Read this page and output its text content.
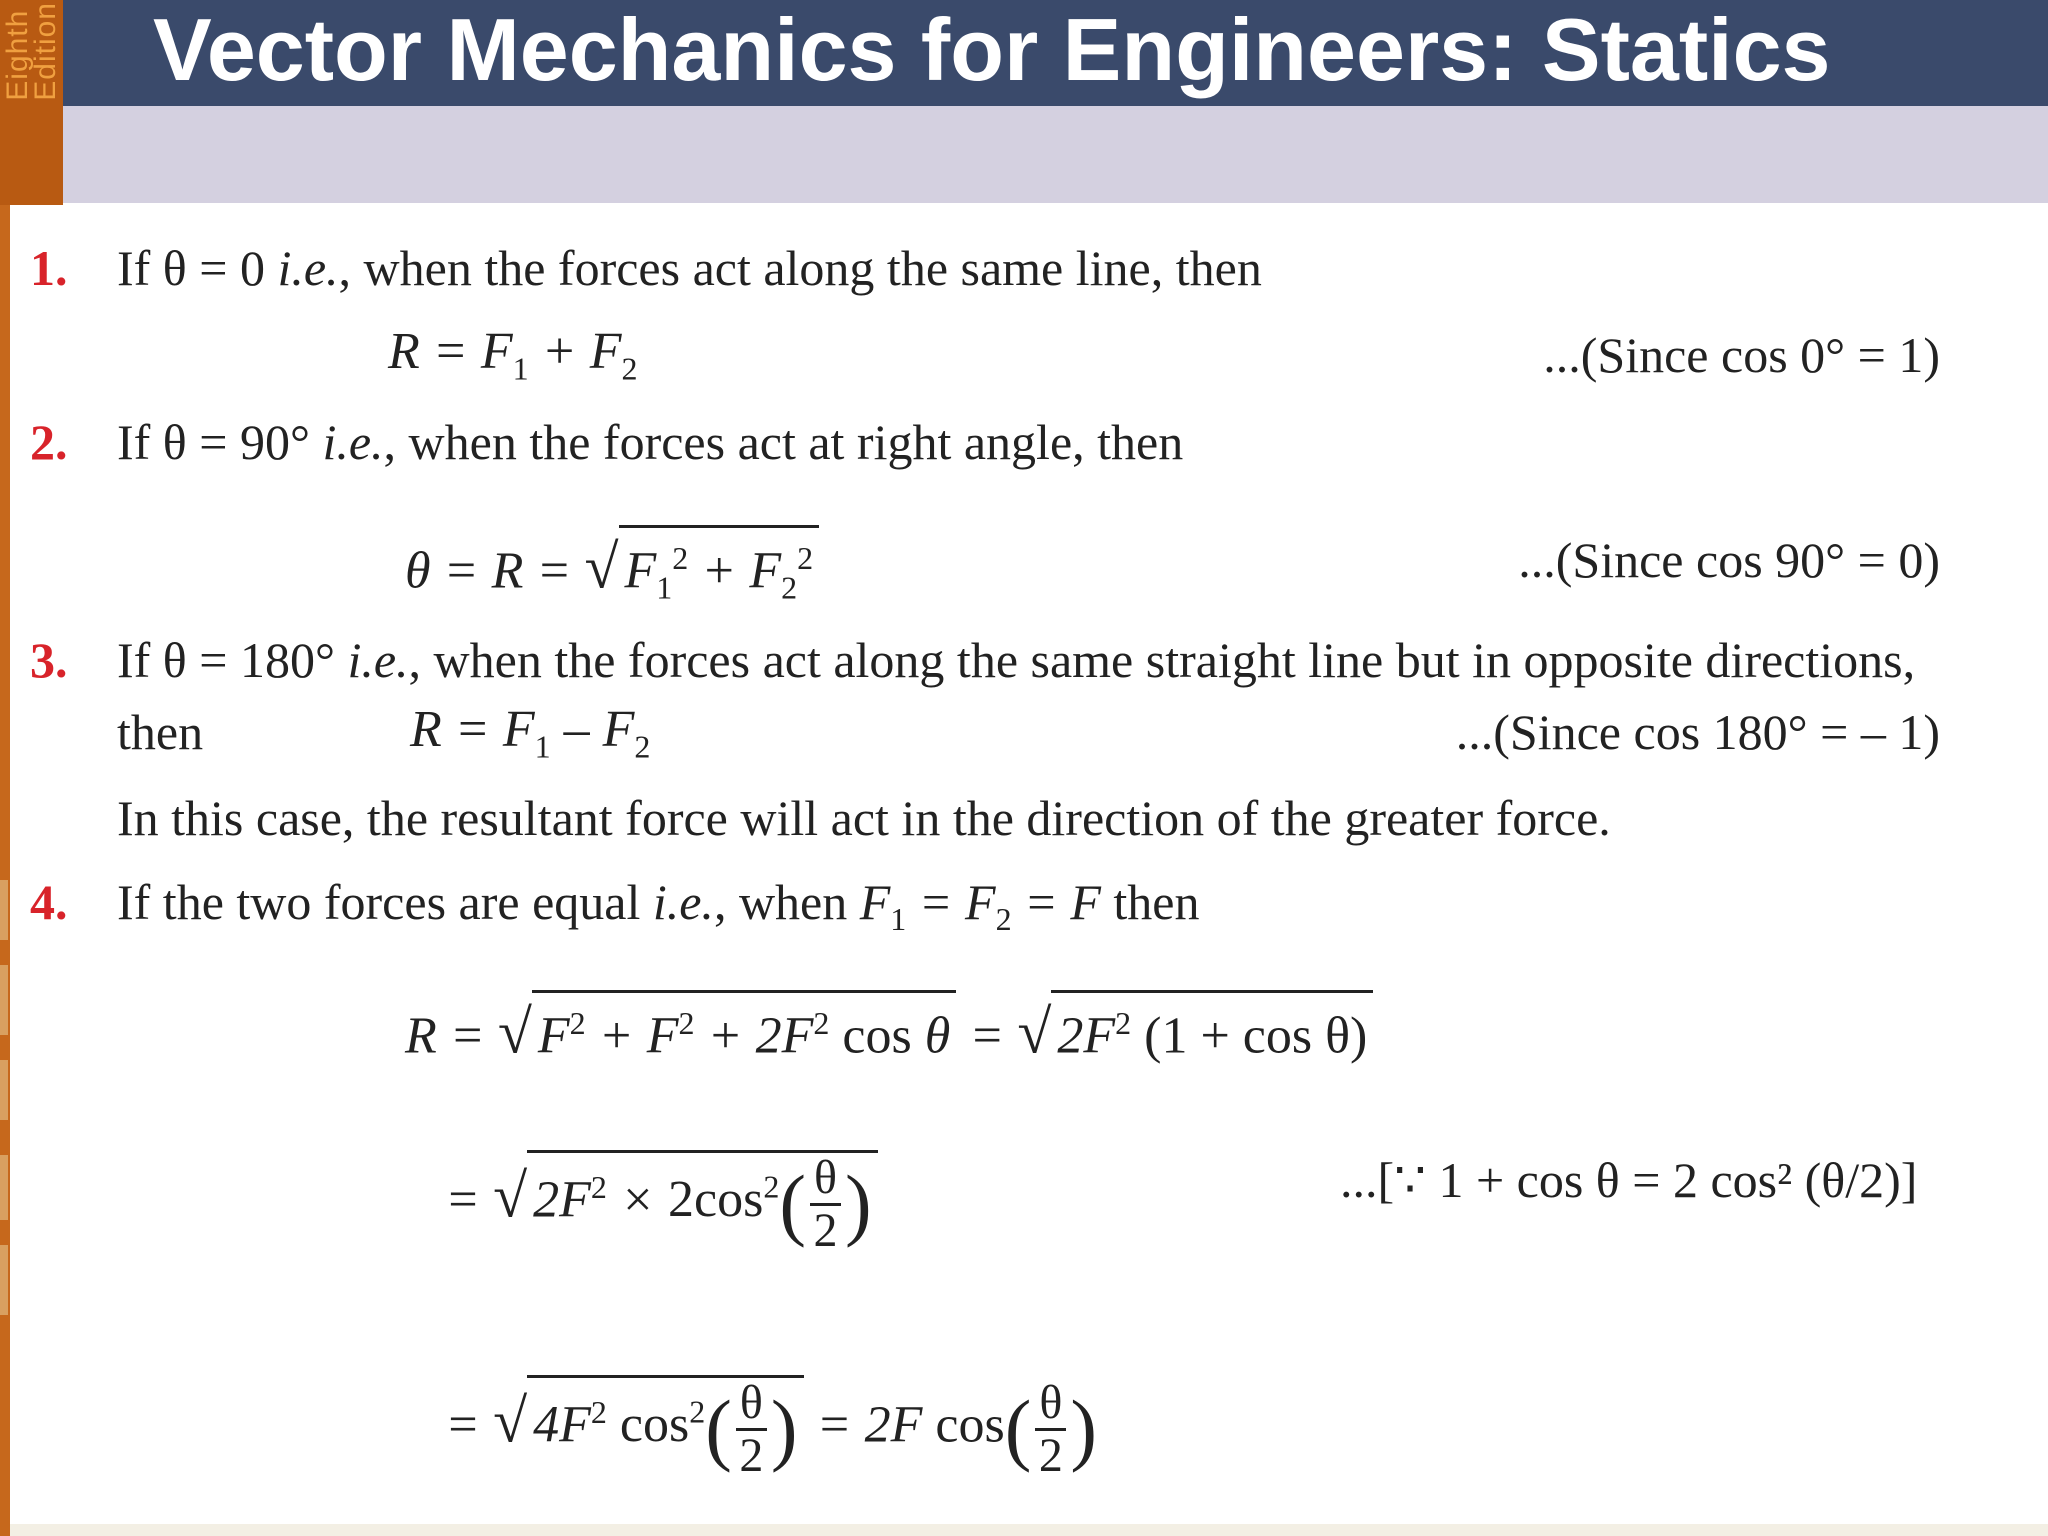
Eighth
Edition Vector Mechanics for Engineers: Statics
1. If θ = 0 i.e., when the forces act along the same line, then
$R = F_1 + F_2$	...(Since cos 0° = 1)
2. If θ = 90° i.e., when the forces act at right angle, then
θ = R = √ $F_1^2 + F_2^2$	...(Since cos 90° = 0)
3. If θ = 180° i.e., when the forces act along the same straight line but in opposite directions,
then	$R = F_1 - F_2$	...(Since cos 180° = – 1)
In this case, the resultant force will act in the direction of the greater force.
4. If the two forces are equal i.e., when $F_1 = F_2 = F$ then
R = √ $F^2 + F^2 + 2F^2$ cos θ = √ $2F^2$ (1 + cos θ)
= √ $2F^2 \times 2\cos^2( \frac{\theta}{2}$ )	...[∵ 1 + cos θ = 2 cos² (θ/2)]
= √ $4F^2$ $\cos^2( \frac{\theta}{2}$ ) = 2F $\cos( \frac{\theta}{2}$ )
